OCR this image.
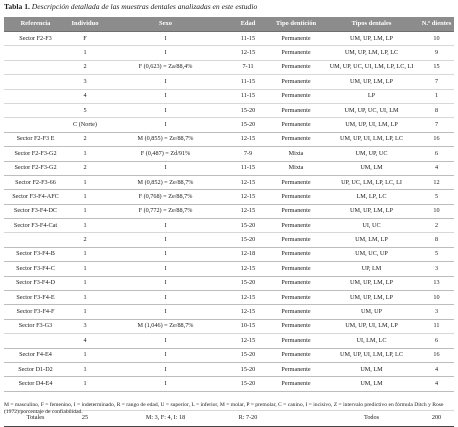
Tabla 1. Descripción detallada de las muestras dentales analizadas en este estudio
Referencia	Individuo	Sexo	Edad	Tipo dentición	Tipos dentales	N.º dientes
Sector F2-F3	F	I	11-15	Permanente	UM, UP, LM, LP	10
	1	I	12-15	Permanente	UM, UP, LM, LP, LC	9
	2	F (0,623) = Za/88,4%	7-11	Permanente	UM, UP, UC, UI, LM, LP, LC, LI	15
	3	I	11-15	Permanente	UM, UP, LM, LP	7
	4	I	11-15	Permanente	LP	1
	5	I	15-20	Permanente	UM, UP, UC, UI, LM	8
	C (Norte)	I	15-20	Permanente	UM, UP, UI, LM, LP	7
Sector F2-F3 E	2	M (0,855) = Ze/88,7%	12-15	Permanente	UM, UP, UI, LM, LP, LC	16
Sector F2-F3-G2	1	F (0,487) = Zd/91%	7-9	Mixta	UM, UP, UC	6
Sector F2-F3-G2	2	I	11-15	Mixta	UM, LM	4
Sector F2-F3-66	1	M (0,852) = Ze/88,7%	12-15	Permanente	UP, UC, LM, LP, LC, LI	12
Sector F3-F4-AFC	1	F (0,768) = Ze/88,7%	12-15	Permanente	LM, LP, LC	5
Sector F3-F4-DC	1	F (0,772) = Ze/88,7%	12-15	Permanente	UM, UP, LM, LP	10
Sector F3-F4-Cat	1	I	15-20	Permanente	UI, UC	2
	2	I	15-20	Permanente	UM, LM, LP	8
Sector F3-F4-B	1	I	12-18	Permanente	UM, UC, UP	5
Sector F3-F4-C	1	I	12-15	Permanente	UP, LM	3
Sector F3-F4-D	1	I	15-20	Permanente	UM, UP, LM, LP	13
Sector F3-F4-E	1	I	12-15	Permanente	UM, UP, LM, LP	10
Sector F3-F4-F	1	I	12-15	Permanente	UM, UP	3
Sector F3-G3	3	M (1,046) = Ze/88,7%	10-15	Permanente	UM, UP, UI, LM, LP	11
	4	I	12-15	Permanente	UI, LM, LC	6
Sector F4-E4	1	I	15-20	Permanente	UM, UP, UI, LM, LP, LC	16
Sector D1-D2	1	I	15-20	Permanente	UM, LM	4
Sector D4-E4	1	I	15-20	Permanente	UM, LM	4

Totales	25	M: 3, F: 4, I: 18	R: 7-20		Todos	200
M = masculino, F = femenino, I = indeterminado, R = rango de edad, U = superior, L = inferior, M = molar, P = premolar, C = canino, I = incisivo, Z = intervalo predictivo en fórmula Ditch y Rose (1972)/porcentaje de confiabilidad.
